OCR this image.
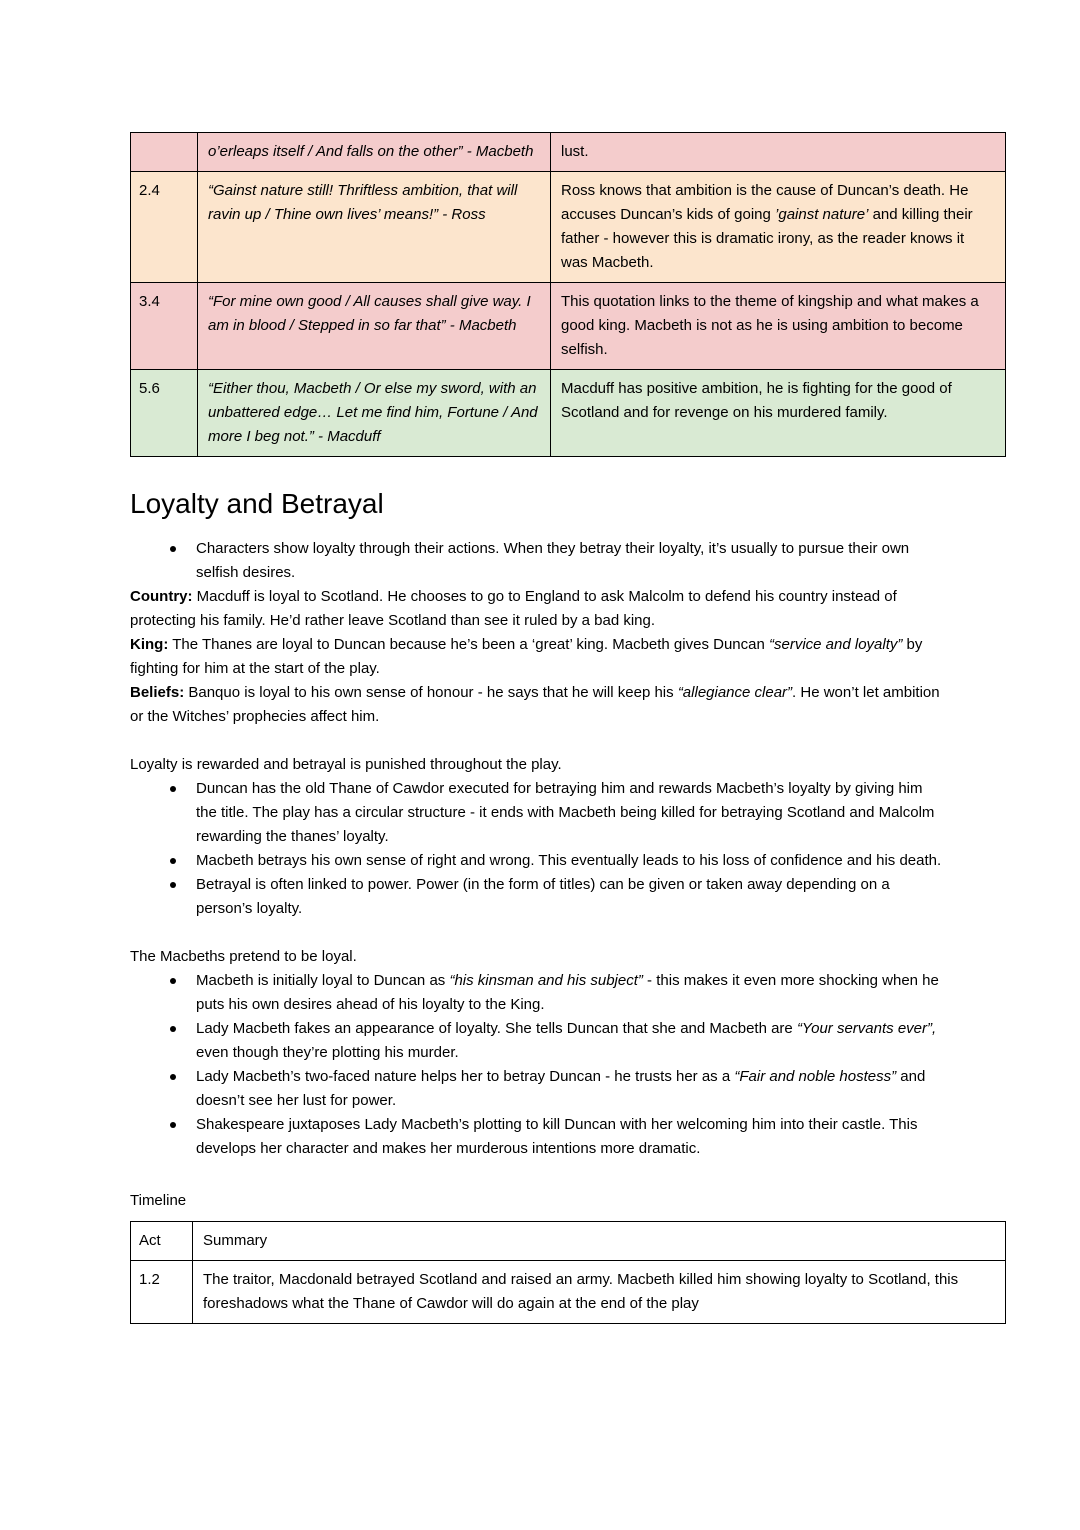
	o’erleaps itself / And falls on the other” - Macbeth	lust.
2.4	“Gainst nature still! Thriftless ambition, that will ravin up / Thine own lives’ means!” - Ross	Ross knows that ambition is the cause of Duncan’s death. He accuses Duncan’s kids of going ’gainst nature’ and killing their father - however this is dramatic irony, as the reader knows it was Macbeth.
3.4	“For mine own good / All causes shall give way. I am in blood / Stepped in so far that” - Macbeth	This quotation links to the theme of kingship and what makes a good king. Macbeth is not as he is using ambition to become selfish.
5.6	“Either thou, Macbeth / Or else my sword, with an unbattered edge… Let me find him, Fortune / And more I beg not.” - Macduff	Macduff has positive ambition, he is fighting for the good of Scotland and for revenge on his murdered family.
Loyalty and Betrayal
Characters show loyalty through their actions. When they betray their loyalty, it’s usually to pursue their own selfish desires.

Country: Macduff is loyal to Scotland. He chooses to go to England to ask Malcolm to defend his country instead of protecting his family. He’d rather leave Scotland than see it ruled by a bad king.

King: The Thanes are loyal to Duncan because he’s been a ‘great’ king. Macbeth gives Duncan “service and loyalty” by fighting for him at the start of the play.

Beliefs: Banquo is loyal to his own sense of honour - he says that he will keep his “allegiance clear”. He won’t let ambition or the Witches’ prophecies affect him.

Loyalty is rewarded and betrayal is punished throughout the play.

Duncan has the old Thane of Cawdor executed for betraying him and rewards Macbeth’s loyalty by giving him the title. The play has a circular structure - it ends with Macbeth being killed for betraying Scotland and Malcolm rewarding the thanes’ loyalty.
Macbeth betrays his own sense of right and wrong. This eventually leads to his loss of confidence and his death.
Betrayal is often linked to power. Power (in the form of titles) can be given or taken away depending on a person’s loyalty.

The Macbeths pretend to be loyal.

Macbeth is initially loyal to Duncan as “his kinsman and his subject” - this makes it even more shocking when he puts his own desires ahead of his loyalty to the King.
Lady Macbeth fakes an appearance of loyalty. She tells Duncan that she and Macbeth are “Your servants ever”, even though they’re plotting his murder.
Lady Macbeth’s two-faced nature helps her to betray Duncan - he trusts her as a “Fair and noble hostess” and doesn’t see her lust for power.
Shakespeare juxtaposes Lady Macbeth’s plotting to kill Duncan with her welcoming him into their castle. This develops her character and makes her murderous intentions more dramatic.

Timeline

Act	Summary
1.2	The traitor, Macdonald betrayed Scotland and raised an army. Macbeth killed him showing loyalty to Scotland, this foreshadows what the Thane of Cawdor will do again at the end of the play
